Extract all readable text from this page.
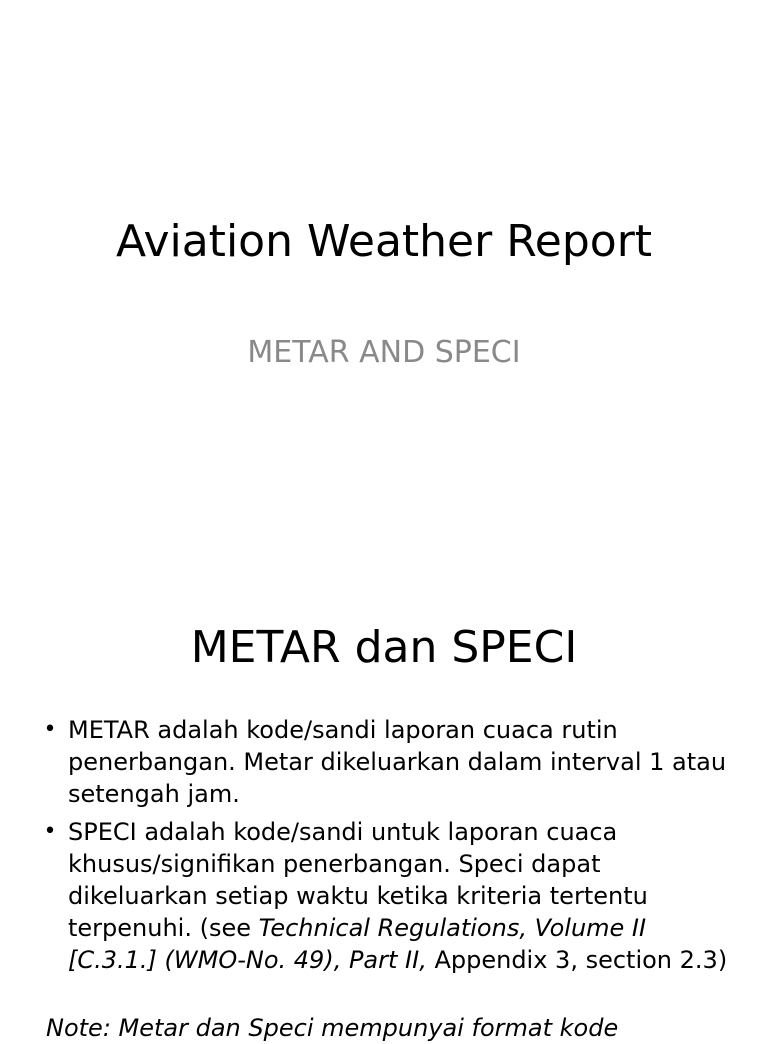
Aviation Weather Report
METAR AND SPECI
METAR dan SPECI
• METAR adalah kode/sandi laporan cuaca rutin penerbangan. Metar dikeluarkan dalam interval 1 atau setengah jam.
• SPECI adalah kode/sandi untuk laporan cuaca khusus/signifikan penerbangan. Speci dapat dikeluarkan setiap waktu ketika kriteria tertentu terpenuhi. (see Technical Regulations, Volume II [C.3.1.] (WMO-No. 49), Part II, Appendix 3, section 2.3)
Note: Metar dan Speci mempunyai format kode
